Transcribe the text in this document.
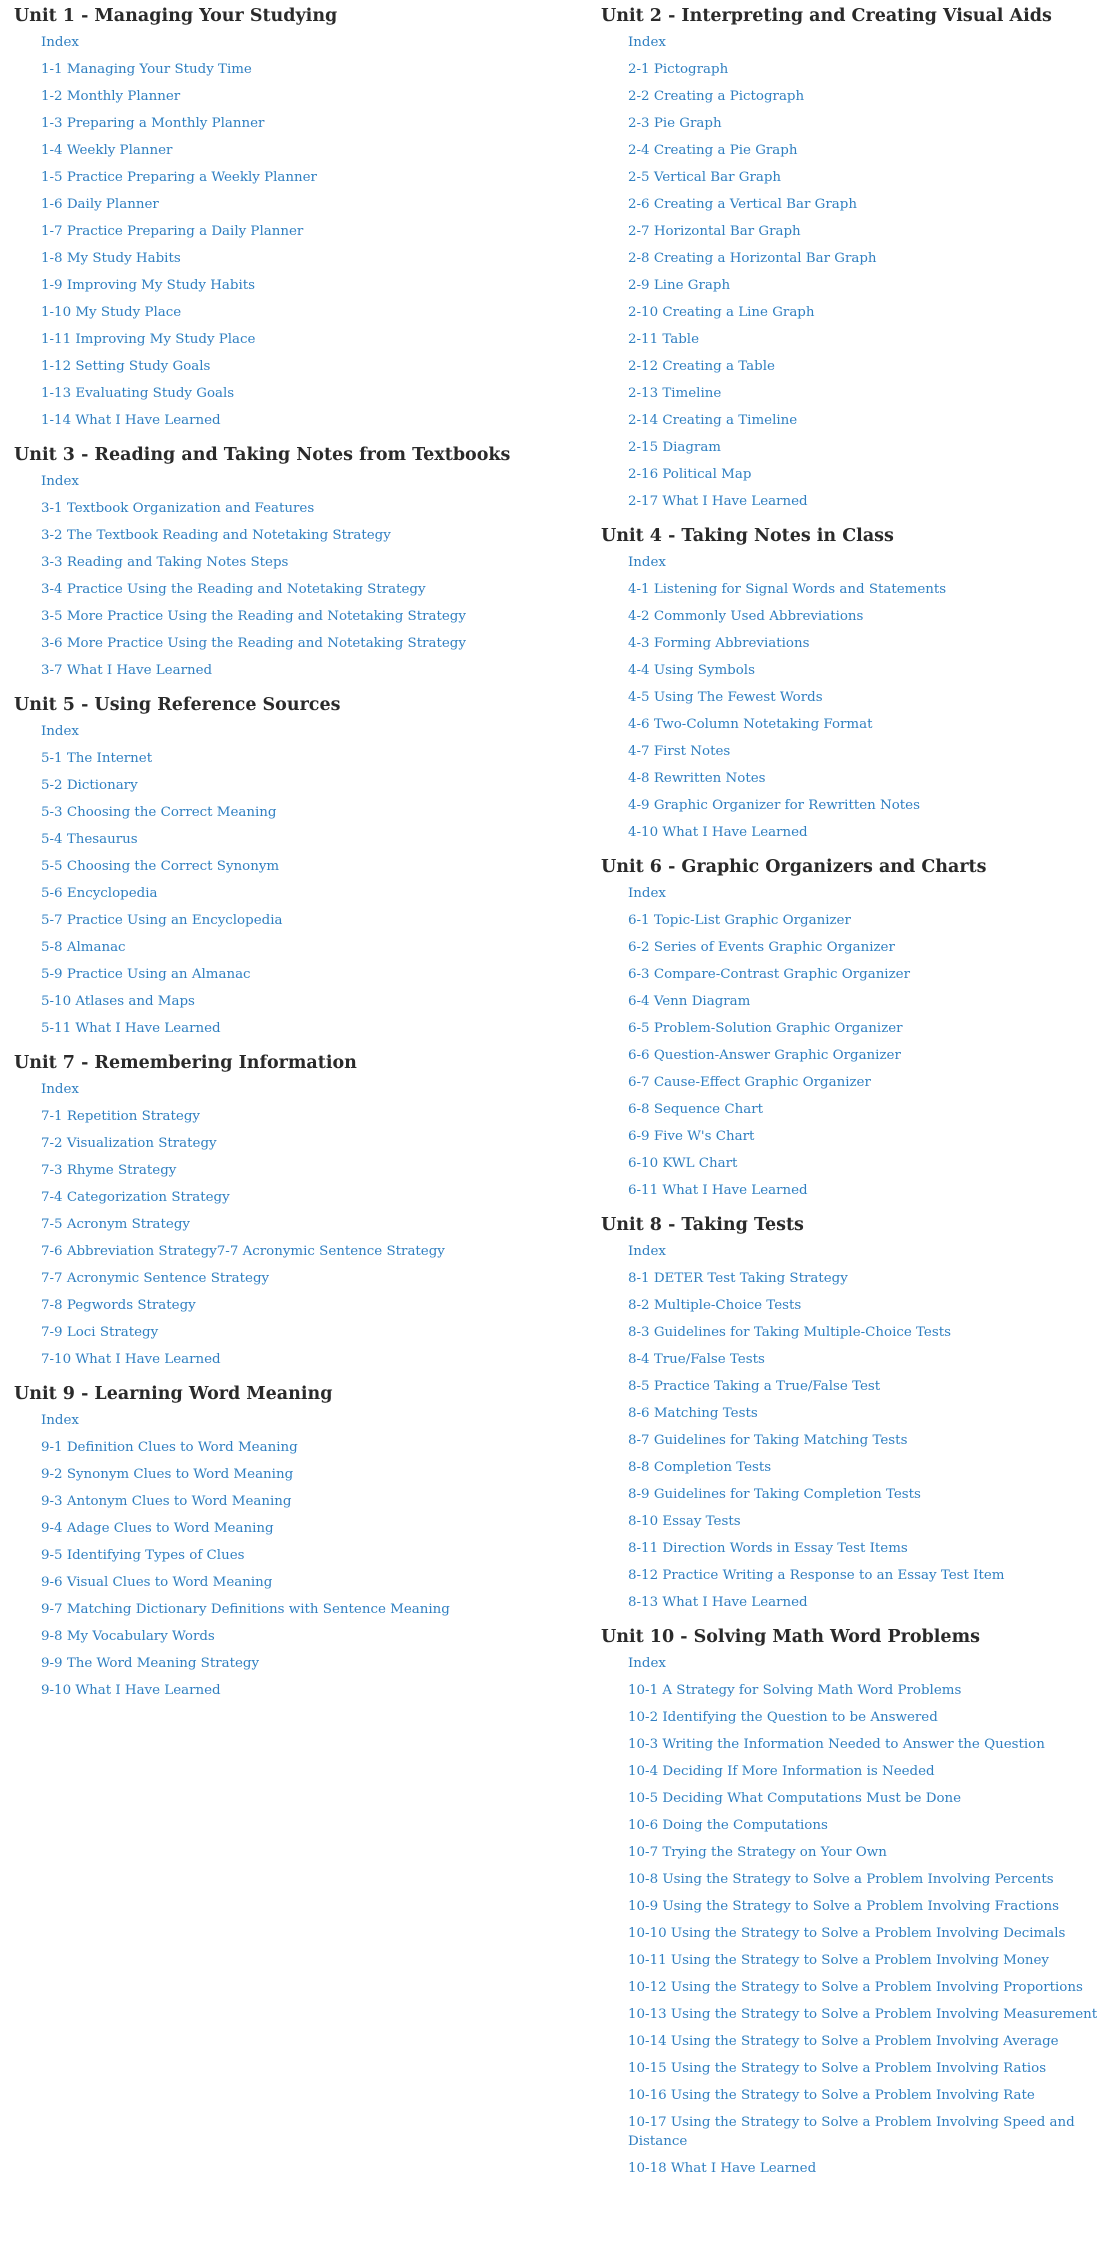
Unit 1 - Managing Your Studying
Index
1-1 Managing Your Study Time
1-2 Monthly Planner
1-3 Preparing a Monthly Planner
1-4 Weekly Planner
1-5 Practice Preparing a Weekly Planner
1-6 Daily Planner
1-7 Practice Preparing a Daily Planner
1-8 My Study Habits
1-9 Improving My Study Habits
1-10 My Study Place
1-11 Improving My Study Place
1-12 Setting Study Goals
1-13 Evaluating Study Goals
1-14 What I Have Learned
Unit 3 - Reading and Taking Notes from Textbooks
Index
3-1 Textbook Organization and Features
3-2 The Textbook Reading and Notetaking Strategy
3-3 Reading and Taking Notes Steps
3-4 Practice Using the Reading and Notetaking Strategy
3-5 More Practice Using the Reading and Notetaking Strategy
3-6 More Practice Using the Reading and Notetaking Strategy
3-7 What I Have Learned
Unit 5 - Using Reference Sources
Index
5-1 The Internet
5-2 Dictionary
5-3 Choosing the Correct Meaning
5-4 Thesaurus
5-5 Choosing the Correct Synonym
5-6 Encyclopedia
5-7 Practice Using an Encyclopedia
5-8 Almanac
5-9 Practice Using an Almanac
5-10 Atlases and Maps
5-11 What I Have Learned
Unit 7 - Remembering Information
Index
7-1 Repetition Strategy
7-2 Visualization Strategy
7-3 Rhyme Strategy
7-4 Categorization Strategy
7-5 Acronym Strategy
7-6 Abbreviation Strategy7-7 Acronymic Sentence Strategy
7-7 Acronymic Sentence Strategy
7-8 Pegwords Strategy
7-9 Loci Strategy
7-10 What I Have Learned
Unit 9 - Learning Word Meaning
Index
9-1 Definition Clues to Word Meaning
9-2 Synonym Clues to Word Meaning
9-3 Antonym Clues to Word Meaning
9-4 Adage Clues to Word Meaning
9-5 Identifying Types of Clues
9-6 Visual Clues to Word Meaning
9-7 Matching Dictionary Definitions with Sentence Meaning
9-8 My Vocabulary Words
9-9 The Word Meaning Strategy
9-10 What I Have Learned
Unit 2 - Interpreting and Creating Visual Aids
Index
2-1 Pictograph
2-2 Creating a Pictograph
2-3 Pie Graph
2-4 Creating a Pie Graph
2-5 Vertical Bar Graph
2-6 Creating a Vertical Bar Graph
2-7 Horizontal Bar Graph
2-8 Creating a Horizontal Bar Graph
2-9 Line Graph
2-10 Creating a Line Graph
2-11 Table
2-12 Creating a Table
2-13 Timeline
2-14 Creating a Timeline
2-15 Diagram
2-16 Political Map
2-17 What I Have Learned
Unit 4 - Taking Notes in Class
Index
4-1 Listening for Signal Words and Statements
4-2 Commonly Used Abbreviations
4-3 Forming Abbreviations
4-4 Using Symbols
4-5 Using The Fewest Words
4-6 Two-Column Notetaking Format
4-7 First Notes
4-8 Rewritten Notes
4-9 Graphic Organizer for Rewritten Notes
4-10 What I Have Learned
Unit 6 - Graphic Organizers and Charts
Index
6-1 Topic-List Graphic Organizer
6-2 Series of Events Graphic Organizer
6-3 Compare-Contrast Graphic Organizer
6-4 Venn Diagram
6-5 Problem-Solution Graphic Organizer
6-6 Question-Answer Graphic Organizer
6-7 Cause-Effect Graphic Organizer
6-8 Sequence Chart
6-9 Five W's Chart
6-10 KWL Chart
6-11 What I Have Learned
Unit 8 - Taking Tests
Index
8-1 DETER Test Taking Strategy
8-2 Multiple-Choice Tests
8-3 Guidelines for Taking Multiple-Choice Tests
8-4 True/False Tests
8-5 Practice Taking a True/False Test
8-6 Matching Tests
8-7 Guidelines for Taking Matching Tests
8-8 Completion Tests
8-9 Guidelines for Taking Completion Tests
8-10 Essay Tests
8-11 Direction Words in Essay Test Items
8-12 Practice Writing a Response to an Essay Test Item
8-13 What I Have Learned
Unit 10 - Solving Math Word Problems
Index
10-1 A Strategy for Solving Math Word Problems
10-2 Identifying the Question to be Answered
10-3 Writing the Information Needed to Answer the Question
10-4 Deciding If More Information is Needed
10-5 Deciding What Computations Must be Done
10-6 Doing the Computations
10-7 Trying the Strategy on Your Own
10-8 Using the Strategy to Solve a Problem Involving Percents
10-9 Using the Strategy to Solve a Problem Involving Fractions
10-10 Using the Strategy to Solve a Problem Involving Decimals
10-11 Using the Strategy to Solve a Problem Involving Money
10-12 Using the Strategy to Solve a Problem Involving Proportions
10-13 Using the Strategy to Solve a Problem Involving Measurement
10-14 Using the Strategy to Solve a Problem Involving Average
10-15 Using the Strategy to Solve a Problem Involving Ratios
10-16 Using the Strategy to Solve a Problem Involving Rate
10-17 Using the Strategy to Solve a Problem Involving Speed and Distance
10-18 What I Have Learned
